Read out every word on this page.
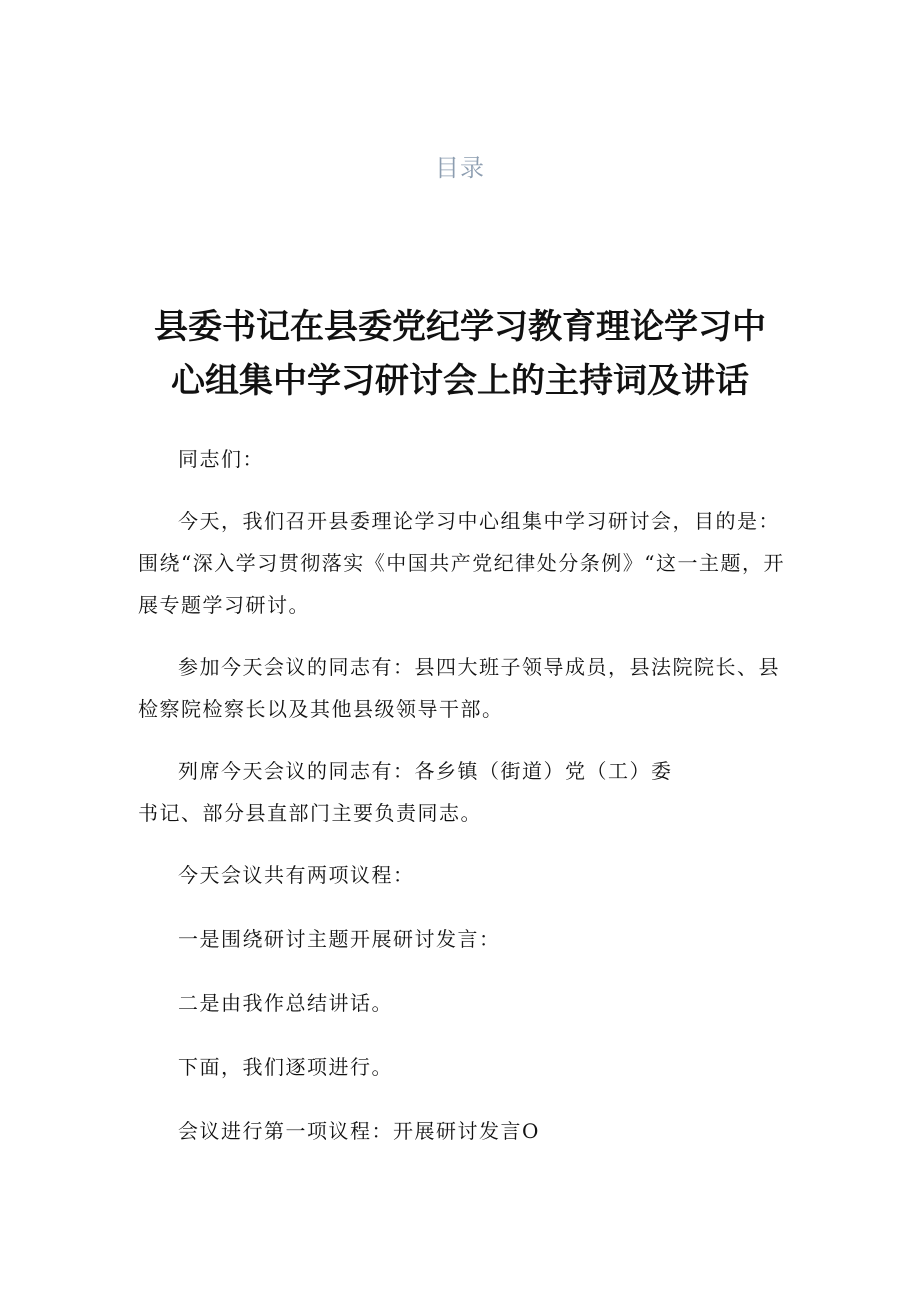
目录
县委书记在县委党纪学习教育理论学习中
心组集中学习研讨会上的主持词及讲话

同志们：

今天，我们召开县委理论学习中心组集中学习研讨会，目的是：围绕“深入学习贯彻落实《中国共产党纪律处分条例》“这一主题，开展专题学习研讨。

参加今天会议的同志有：县四大班子领导成员，县法院院长、县检察院检察长以及其他县级领导干部。

列席今天会议的同志有：各乡镇（街道）党（工）委

书记、部分县直部门主要负责同志。

今天会议共有两项议程：

一是围绕研讨主题开展研讨发言：

二是由我作总结讲话。

下面，我们逐项进行。

会议进行第一项议程：开展研讨发言O
